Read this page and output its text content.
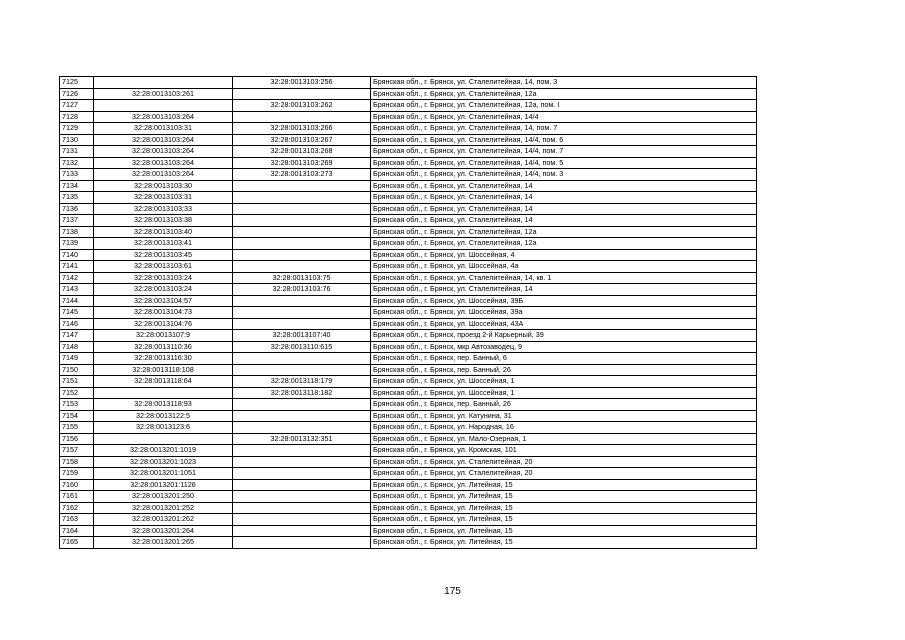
7125		32:28:0013103:256	Брянская обл., г. Брянск, ул. Сталелитейная, 14, пом. 3
7126	32:28:0013103:261		Брянская обл., г. Брянск, ул. Сталелитейная, 12а
7127		32:28:0013103:262	Брянская обл., г. Брянск, ул. Сталелитейная, 12а, пом. I
7128	32:28:0013103:264		Брянская обл., г. Брянск, ул. Сталелитейная, 14/4
7129	32:28:0013103:31	32:28:0013103:266	Брянская обл., г. Брянск, ул. Сталелитейная, 14, пом. 7
7130	32:28:0013103:264	32:28:0013103:267	Брянская обл., г. Брянск, ул. Сталелитейная, 14/4, пом. 6
7131	32:28:0013103:264	32:28:0013103:268	Брянская обл., г. Брянск, ул. Сталелитейная, 14/4, пом. 7
7132	32:28:0013103:264	32:28:0013103:269	Брянская обл., г. Брянск, ул. Сталелитейная, 14/4, пом. 5
7133	32:28:0013103:264	32:28:0013103:273	Брянская обл., г. Брянск, ул. Сталелитейная, 14/4, пом. 3
7134	32:28:0013103:30		Брянская обл., г. Брянск, ул. Сталелитейная, 14
7135	32:28:0013103:31		Брянская обл., г. Брянск, ул. Сталелитейная, 14
7136	32:28:0013103:33		Брянская обл., г. Брянск, ул. Сталелитейная, 14
7137	32:28:0013103:38		Брянская обл., г. Брянск, ул. Сталелитейная, 14
7138	32:28:0013103:40		Брянская обл., г. Брянск, ул. Сталелитейная, 12а
7139	32:28:0013103:41		Брянская обл., г. Брянск, ул. Сталелитейная, 12а
7140	32:28:0013103:45		Брянская обл., г. Брянск, ул. Шоссейная, 4
7141	32:28:0013103:61		Брянская обл., г. Брянск, ул. Шоссейная, 4а
7142	32:28:0013103:24	32:28:0013103:75	Брянская обл., г. Брянск, ул. Сталелитейная, 14, кв. 1
7143	32:28:0013103:24	32:28:0013103:76	Брянская обл., г. Брянск, ул. Сталелитейная, 14
7144	32:28:0013104:57		Брянская обл., г. Брянск, ул. Шоссейная, 39Б
7145	32:28:0013104:73		Брянская обл., г. Брянск, ул. Шоссейная, 39а
7146	32:28:0013104:76		Брянская обл., г. Брянск, ул. Шоссейная, 43А
7147	32:28:0013107:9	32:28:0013107:40	Брянская обл., г. Брянск, проезд 2-й Карьерный, 39
7148	32:28:0013110:36	32:28:0013110:615	Брянская обл., г. Брянск, мкр Автозаводец, 9
7149	32:28:0013116:30		Брянская обл., г. Брянск, пер. Банный, 6
7150	32:28:0013118:108		Брянская обл., г. Брянск, пер. Банный, 26
7151	32:28:0013118:64	32:28:0013118:179	Брянская обл., г. Брянск, ул. Шоссейная, 1
7152		32:28:0013118:182	Брянская обл., г. Брянск, ул. Шоссейная, 1
7153	32:28:0013118:93		Брянская обл., г. Брянск, пер. Банный, 26
7154	32:28:0013122:5		Брянская обл., г. Брянск, ул. Катунина, 31
7155	32:28:0013123:6		Брянская обл., г. Брянск, ул. Народная, 16
7156		32:28:0013132:351	Брянская обл., г. Брянск, ул. Мало-Озерная, 1
7157	32:28:0013201:1019		Брянская обл., г. Брянск, ул. Кромская, 101
7158	32:28:0013201:1023		Брянская обл., г. Брянск, ул. Сталелитейная, 20
7159	32:28:0013201:1051		Брянская обл., г. Брянск, ул. Сталелитейная, 20
7160	32:28:0013201:1126		Брянская обл., г. Брянск, ул. Литейная, 15
7161	32:28:0013201:250		Брянская обл., г. Брянск, ул. Литейная, 15
7162	32:28:0013201:252		Брянская обл., г. Брянск, ул. Литейная, 15
7163	32:28:0013201:262		Брянская обл., г. Брянск, ул. Литейная, 15
7164	32:28:0013201:264		Брянская обл., г. Брянск, ул. Литейная, 15
7165	32:28:0013201:265		Брянская обл., г. Брянск, ул. Литейная, 15
175
